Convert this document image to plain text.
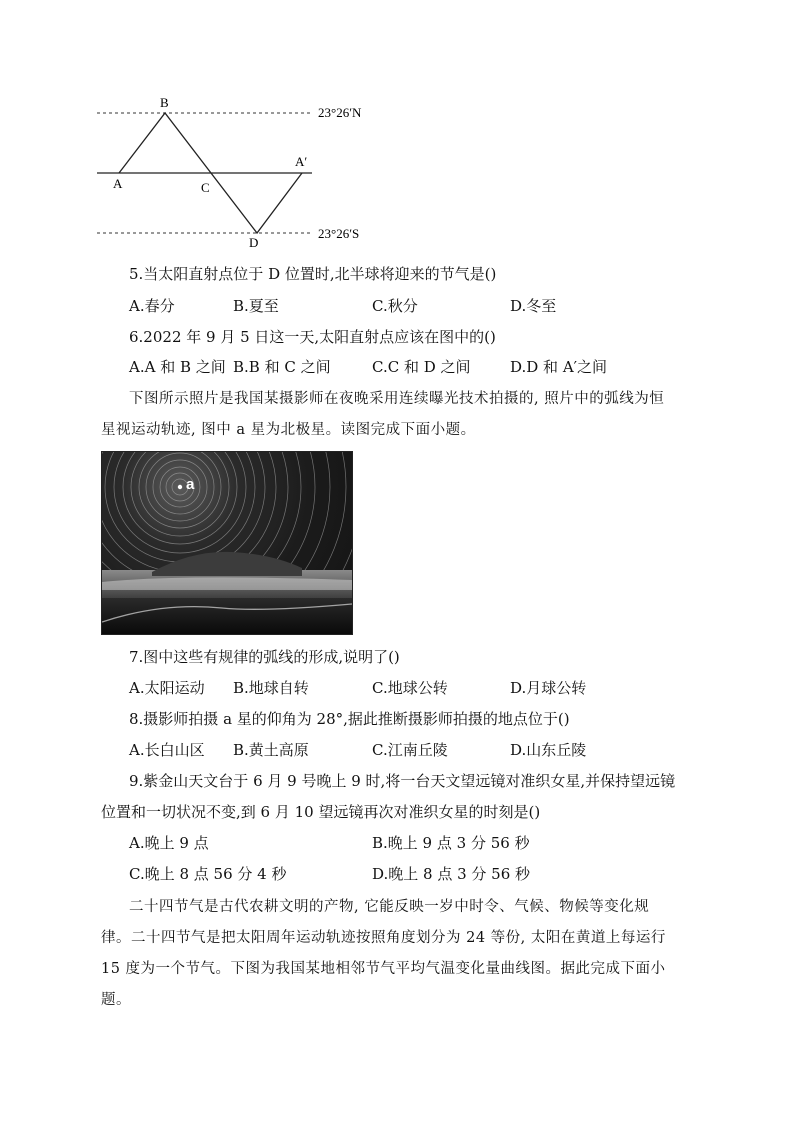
B
A	C
A′
D
23°26′N
23°26′S
5.当太阳直射点位于 D 位置时,北半球将迎来的节气是()
A.春分	B.夏至	C.秋分	D.冬至
6.2022 年 9 月 5 日这一天,太阳直射点应该在图中的()
A.A 和 B 之间 B.B 和 C 之间	C.C 和 D 之间	D.D 和 A′之间
下图所示照片是我国某摄影师在夜晚采用连续曝光技术拍摄的, 照片中的弧线为恒
星视运动轨迹, 图中 a 星为北极星。读图完成下面小题。
a
7.图中这些有规律的弧线的形成,说明了()
A.太阳运动 B.地球自转	C.地球公转	D.月球公转
8.摄影师拍摄 a 星的仰角为 28°,据此推断摄影师拍摄的地点位于()
A.长白山区 B.黄土高原	C.江南丘陵	D.山东丘陵
9.紫金山天文台于 6 月 9 号晚上 9 时,将一台天文望远镜对准织女星,并保持望远镜
位置和一切状况不变,到 6 月 10 望远镜再次对准织女星的时刻是()
A.晚上 9 点	B.晚上 9 点 3 分 56 秒
C.晚上 8 点 56 分 4 秒	D.晚上 8 点 3 分 56 秒
二十四节气是古代农耕文明的产物, 它能反映一岁中时令、气候、物候等变化规
律。二十四节气是把太阳周年运动轨迹按照角度划分为 24 等份, 太阳在黄道上每运行
15 度为一个节气。下图为我国某地相邻节气平均气温变化量曲线图。据此完成下面小
题。
